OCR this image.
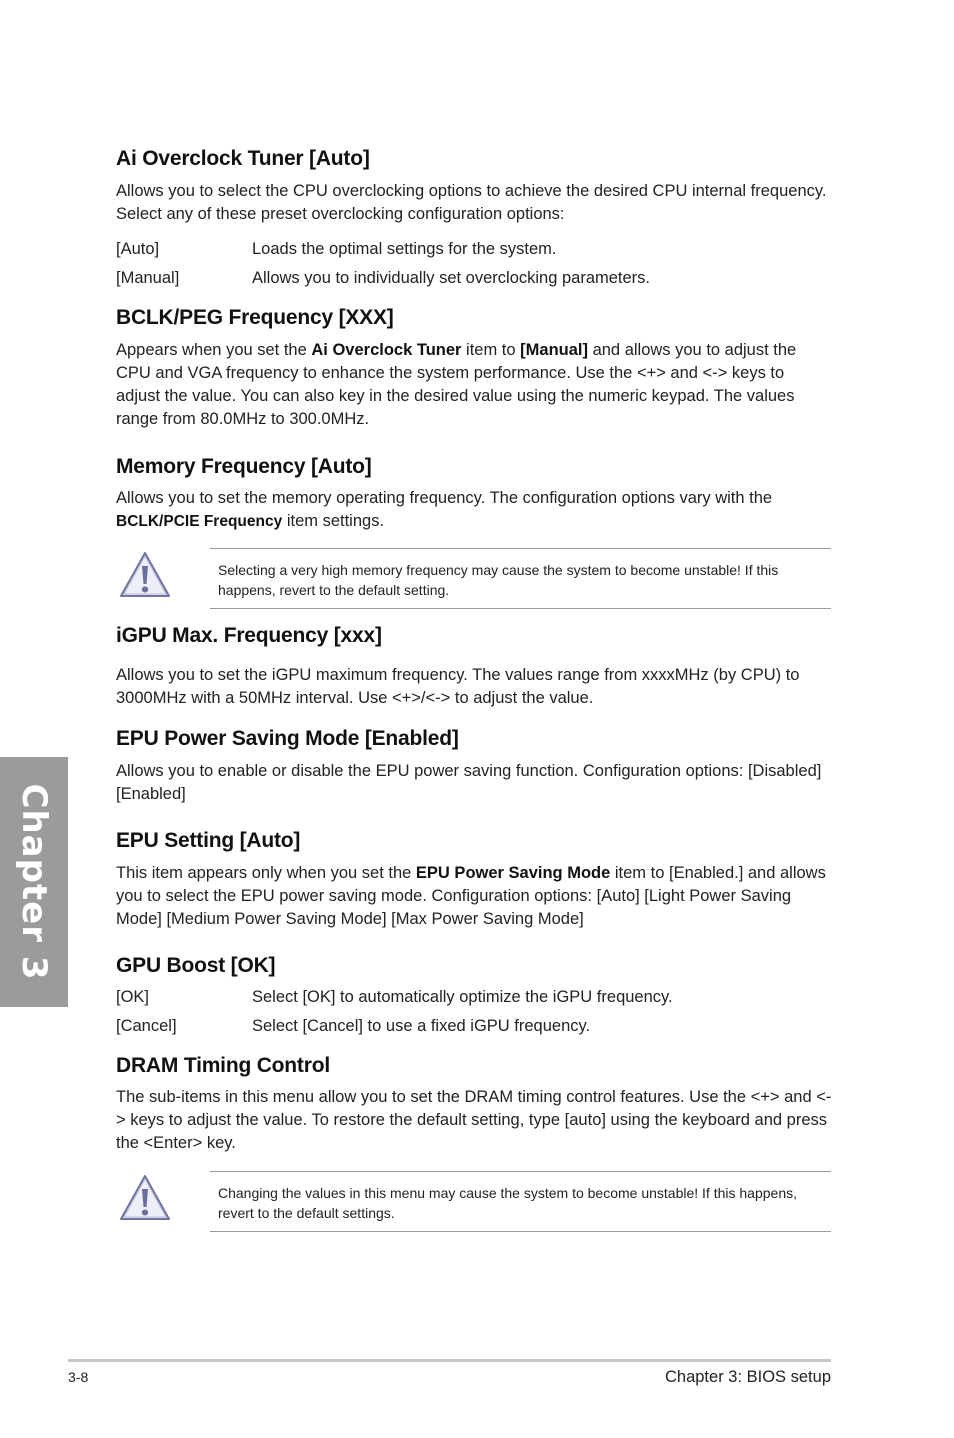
Ai Overclock Tuner [Auto]

Allows you to select the CPU overclocking options to achieve the desired CPU internal frequency. Select any of these preset overclocking configuration options:

[Auto]	Loads the optimal settings for the system.
[Manual]	Allows you to individually set overclocking parameters.
BCLK/PEG Frequency [XXX]

Appears when you set the Ai Overclock Tuner item to [Manual] and allows you to adjust the CPU and VGA frequency to enhance the system performance. Use the <+> and <-> keys to adjust the value. You can also key in the desired value using the numeric keypad. The values range from 80.0MHz to 300.0MHz.

Memory Frequency [Auto]

Allows you to set the memory operating frequency. The configuration options vary with the BCLK/PCIE Frequency item settings.

Selecting a very high memory frequency may cause the system to become unstable! If this happens, revert to the default setting.
iGPU Max. Frequency [xxx]

Allows you to set the iGPU maximum frequency. The values range from xxxxMHz (by CPU) to 3000MHz with a 50MHz interval. Use <+>/<-> to adjust the value.

EPU Power Saving Mode [Enabled]

Allows you to enable or disable the EPU power saving function. Configuration options: [Disabled] [Enabled]

EPU Setting [Auto]

This item appears only when you set the EPU Power Saving Mode item to [Enabled.] and allows you to select the EPU power saving mode. Configuration options: [Auto] [Light Power Saving Mode] [Medium Power Saving Mode] [Max Power Saving Mode]

GPU Boost [OK]
[OK]	Select [OK] to automatically optimize the iGPU frequency.
[Cancel]	Select [Cancel] to use a fixed iGPU frequency.
DRAM Timing Control

The sub-items in this menu allow you to set the DRAM timing control features. Use the <+> and <-> keys to adjust the value. To restore the default setting, type [auto] using the keyboard and press the <Enter> key.

Changing the values in this menu may cause the system to become unstable! If this happens, revert to the default settings.
Chapter 3
3-8	Chapter 3: BIOS setup
